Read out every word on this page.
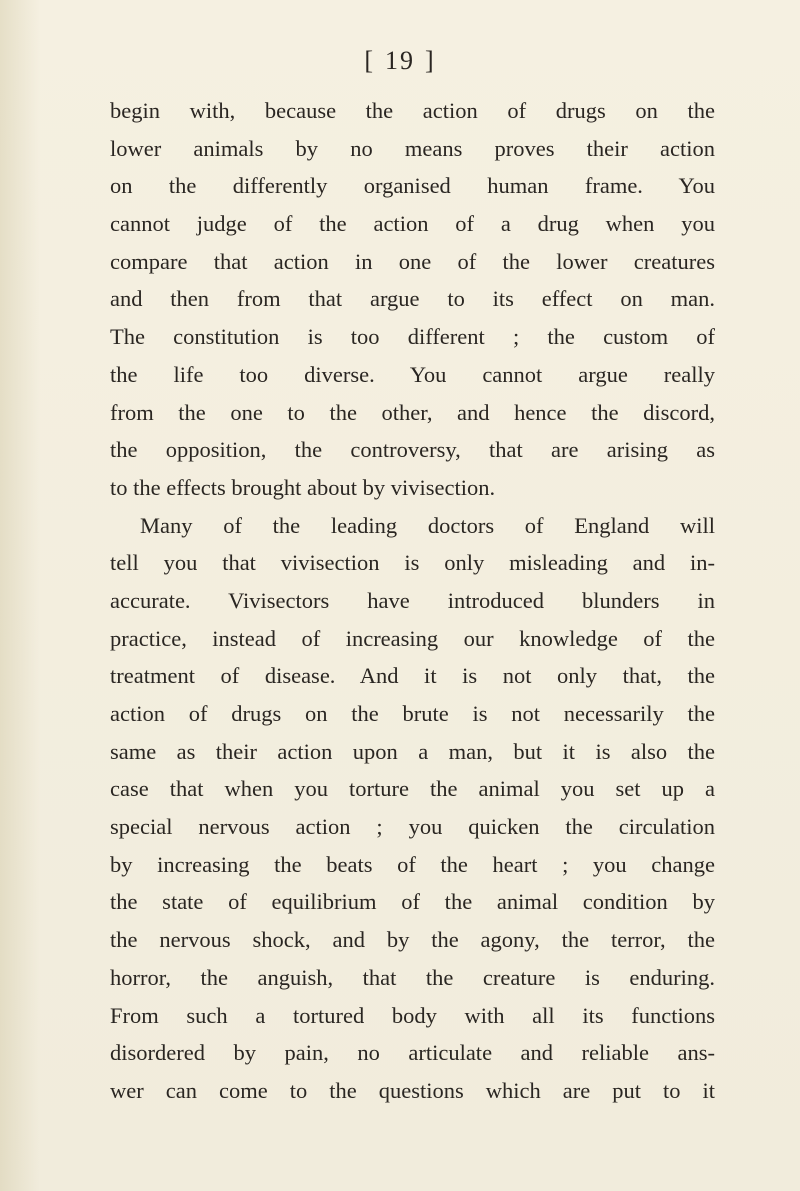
[ 19 ]
begin with, because the action of drugs on the
lower animals by no means proves their action
on the differently organised human frame. You
cannot judge of the action of a drug when you
compare that action in one of the lower creatures
and then from that argue to its effect on man.
The constitution is too different ; the custom of
the life too diverse. You cannot argue really
from the one to the other, and hence the discord,
the opposition, the controversy, that are arising as
to the effects brought about by vivisection.
Many of the leading doctors of England will
tell you that vivisection is only misleading and in-
accurate. Vivisectors have introduced blunders in
practice, instead of increasing our knowledge of the
treatment of disease. And it is not only that, the
action of drugs on the brute is not necessarily the
same as their action upon a man, but it is also the
case that when you torture the animal you set up a
special nervous action ; you quicken the circulation
by increasing the beats of the heart ; you change
the state of equilibrium of the animal condition by
the nervous shock, and by the agony, the terror, the
horror, the anguish, that the creature is enduring.
From such a tortured body with all its functions
disordered by pain, no articulate and reliable ans-
wer can come to the questions which are put to it
